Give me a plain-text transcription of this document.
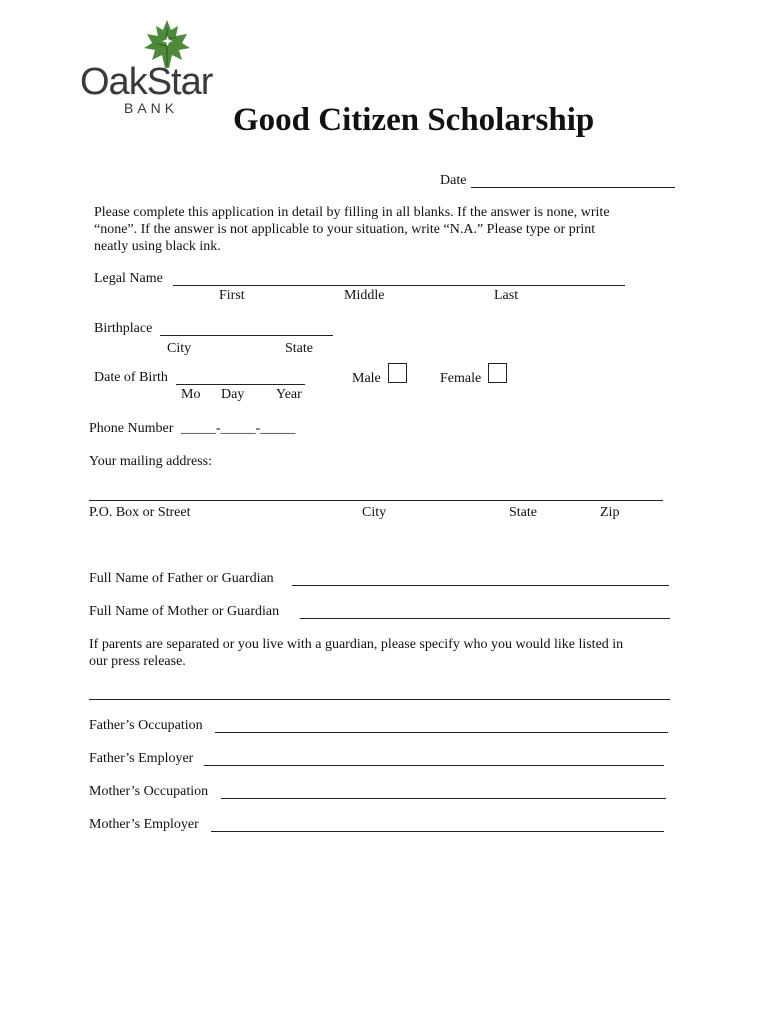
OakStar
BANK Good Citizen Scholarship
Date
Please complete this application in detail by filling in all blanks. If the answer is none, write
“none”. If the answer is not applicable to your situation, write “N.A.” Please type or print
neatly using black ink.
Legal Name
First	Middle	Last
Birthplace
City	State
Date of Birth
Mo Day Year
Male	Female
Phone Number _____-_____-_____
Your mailing address:
P.O. Box or Street	City	State	Zip
Full Name of Father or Guardian
Full Name of Mother or Guardian
If parents are separated or you live with a guardian, please specify who you would like listed in
our press release.
Father’s Occupation
Father’s Employer
Mother’s Occupation
Mother’s Employer
